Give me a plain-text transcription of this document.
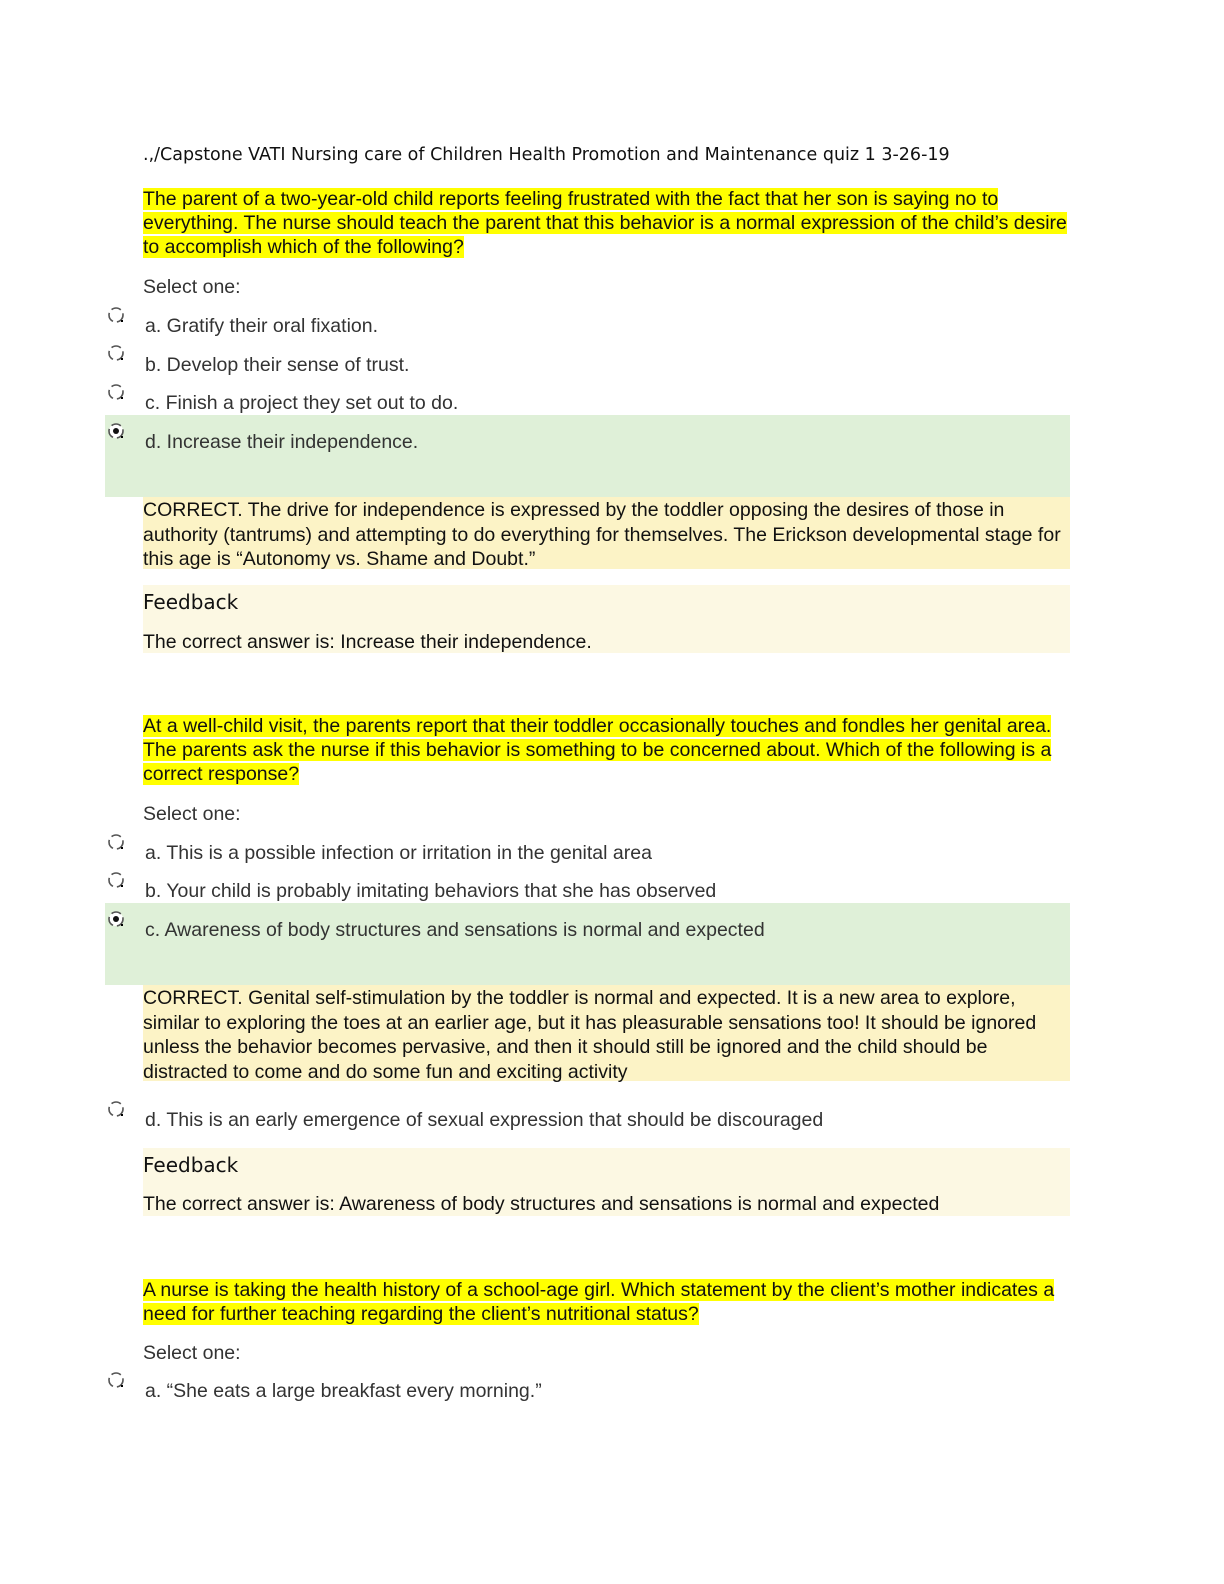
.,/Capstone VATI Nursing care of Children Health Promotion and Maintenance quiz 1 3-26-19
The parent of a two-year-old child reports feeling frustrated with the fact that her son is saying no to everything. The nurse should teach the parent that this behavior is a normal expression of the child’s desire to accomplish which of the following?
Select one:
a. Gratify their oral fixation.
b. Develop their sense of trust.
c. Finish a project they set out to do.
d. Increase their independence.
CORRECT. The drive for independence is expressed by the toddler opposing the desires of those in authority (tantrums) and attempting to do everything for themselves. The Erickson developmental stage for this age is “Autonomy vs. Shame and Doubt.”
Feedback
The correct answer is: Increase their independence.
At a well-child visit, the parents report that their toddler occasionally touches and fondles her genital area. The parents ask the nurse if this behavior is something to be concerned about. Which of the following is a correct response?
Select one:
a. This is a possible infection or irritation in the genital area
b. Your child is probably imitating behaviors that she has observed
c. Awareness of body structures and sensations is normal and expected
CORRECT. Genital self-stimulation by the toddler is normal and expected. It is a new area to explore, similar to exploring the toes at an earlier age, but it has pleasurable sensations too! It should be ignored unless the behavior becomes pervasive, and then it should still be ignored and the child should be distracted to come and do some fun and exciting activity
d. This is an early emergence of sexual expression that should be discouraged
Feedback
The correct answer is: Awareness of body structures and sensations is normal and expected
A nurse is taking the health history of a school-age girl. Which statement by the client’s mother indicates a need for further teaching regarding the client’s nutritional status?
Select one:
a. “She eats a large breakfast every morning.”
